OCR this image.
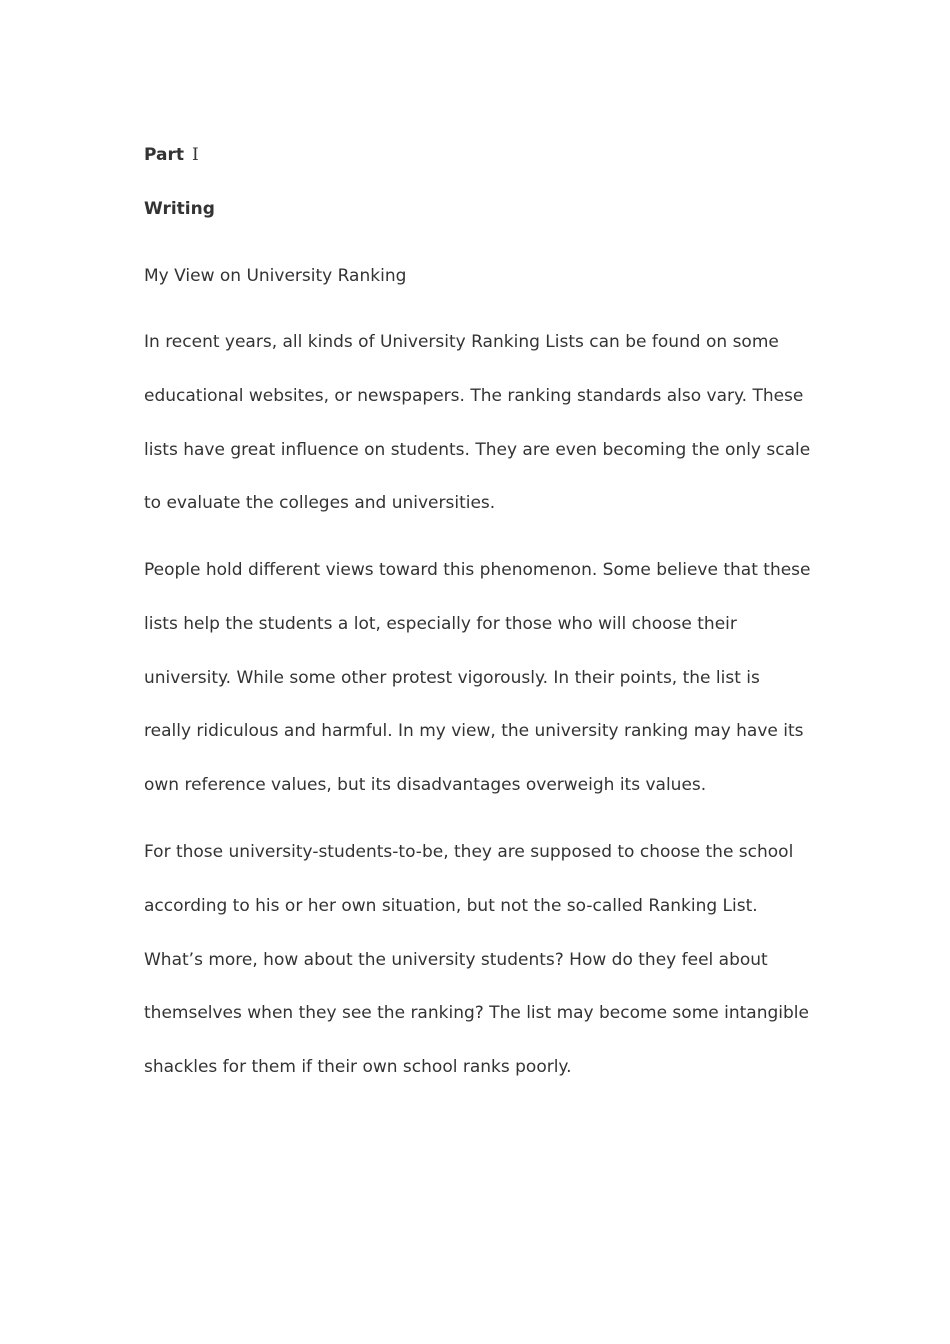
Part Ⅰ
Writing
My View on University Ranking
In recent years, all kinds of University Ranking Lists can be found on some
educational websites, or newspapers. The ranking standards also vary. These
lists have great influence on students. They are even becoming the only scale
to evaluate the colleges and universities.
People hold different views toward this phenomenon. Some believe that these
lists help the students a lot, especially for those who will choose their
university. While some other protest vigorously. In their points, the list is
really ridiculous and harmful. In my view, the university ranking may have its
own reference values, but its disadvantages overweigh its values.
For those university-students-to-be, they are supposed to choose the school
according to his or her own situation, but not the so-called Ranking List.
What’s more, how about the university students? How do they feel about
themselves when they see the ranking? The list may become some intangible
shackles for them if their own school ranks poorly.
